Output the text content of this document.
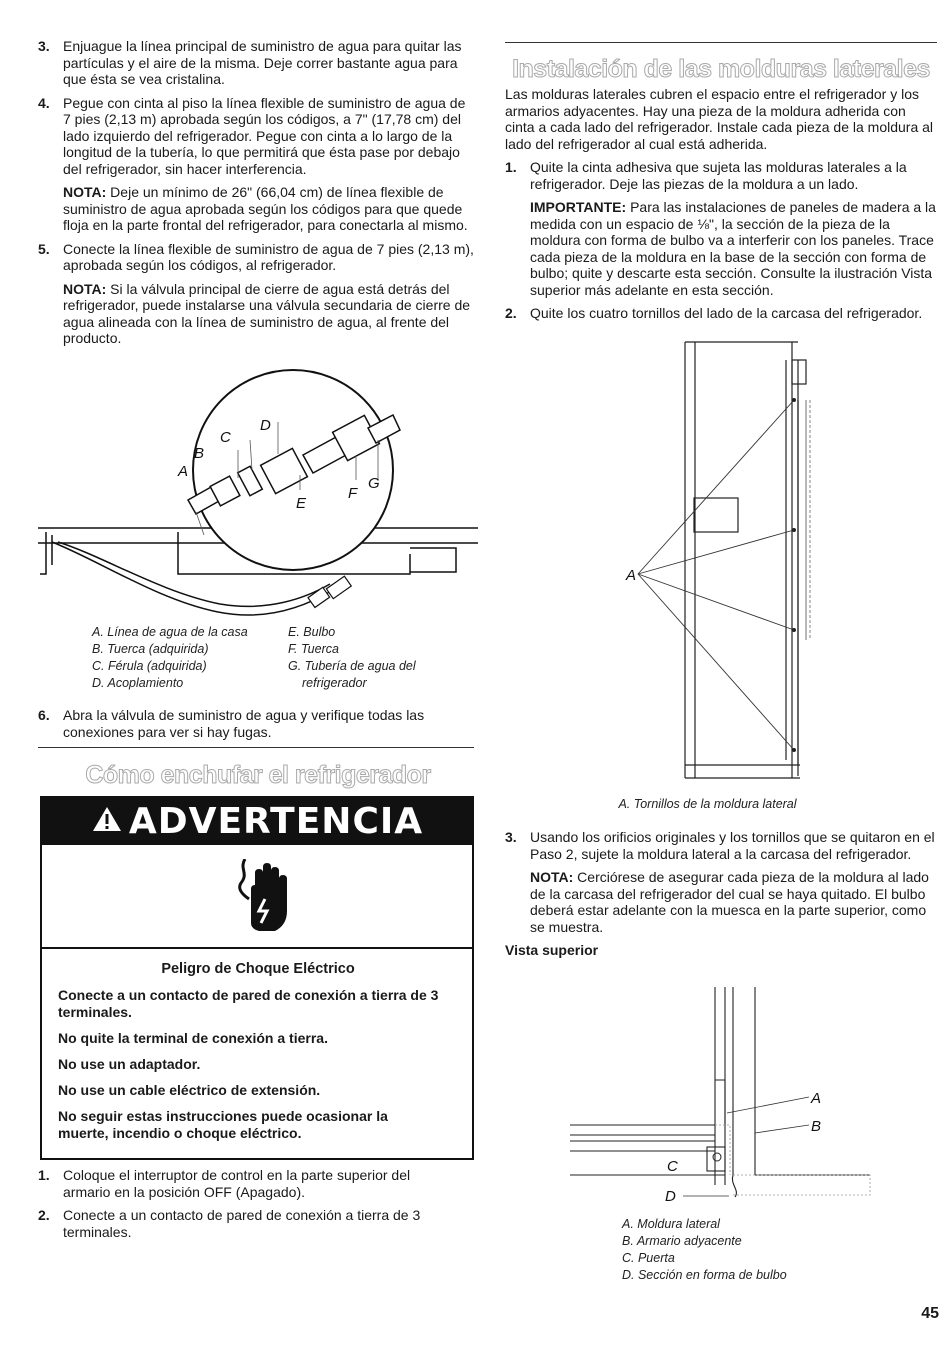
3. Enjuague la línea principal de suministro de agua para quitar las partículas y el aire de la misma. Deje correr bastante agua para que ésta se vea cristalina.
4. Pegue con cinta al piso la línea flexible de suministro de agua de 7 pies (2,13 m) aprobada según los códigos, a 7" (17,78 cm) del lado izquierdo del refrigerador. Pegue con cinta a lo largo de la longitud de la tubería, lo que permitirá que ésta pase por debajo del refrigerador, sin hacer interferencia.
NOTA: Deje un mínimo de 26" (66,04 cm) de línea flexible de suministro de agua aprobada según los códigos para que quede floja en la parte frontal del refrigerador, para conectarla al mismo.
5. Conecte la línea flexible de suministro de agua de 7 pies (2,13 m), aprobada según los códigos, al refrigerador.
NOTA: Si la válvula principal de cierre de agua está detrás del refrigerador, puede instalarse una válvula secundaria de cierre de agua alineada con la línea de suministro de agua, al frente del producto.
A
B
C
D
E
F
G
A. Línea de agua de la casa
B. Tuerca (adquirida)
C. Férula (adquirida)
D. Acoplamiento
E. Bulbo
F. Tuerca
G. Tubería de agua del
refrigerador
6. Abra la válvula de suministro de agua y verifique todas las conexiones para ver si hay fugas.
Cómo enchufar el refrigerador
ADVERTENCIA
Peligro de Choque Eléctrico
Conecte a un contacto de pared de conexión a tierra de 3 terminales.
No quite la terminal de conexión a tierra.
No use un adaptador.
No use un cable eléctrico de extensión.
No seguir estas instrucciones puede ocasionar la muerte, incendio o choque eléctrico.
1. Coloque el interruptor de control en la parte superior del armario en la posición OFF (Apagado).
2. Conecte a un contacto de pared de conexión a tierra de 3 terminales.
Instalación de las molduras laterales
Las molduras laterales cubren el espacio entre el refrigerador y los armarios adyacentes. Hay una pieza de la moldura adherida con cinta a cada lado del refrigerador. Instale cada pieza de la moldura al lado del refrigerador al cual está adherida.
1. Quite la cinta adhesiva que sujeta las molduras laterales a la refrigerador. Deje las piezas de la moldura a un lado.
IMPORTANTE: Para las instalaciones de paneles de madera a la medida con un espacio de ⅛", la sección de la pieza de la moldura con forma de bulbo va a interferir con los paneles. Trace cada pieza de la moldura en la base de la sección con forma de bulbo; quite y descarte esta sección. Consulte la ilustración Vista superior más adelante en esta sección.
2. Quite los cuatro tornillos del lado de la carcasa del refrigerador.
A
A. Tornillos de la moldura lateral
3. Usando los orificios originales y los tornillos que se quitaron en el Paso 2, sujete la moldura lateral a la carcasa del refrigerador.
NOTA: Cerciórese de asegurar cada pieza de la moldura al lado de la carcasa del refrigerador del cual se haya quitado. El bulbo deberá estar adelante con la muesca en la parte superior, como se muestra.
Vista superior
A
B
C
D
A. Moldura lateral
B. Armario adyacente
C. Puerta
D. Sección en forma de bulbo
45
